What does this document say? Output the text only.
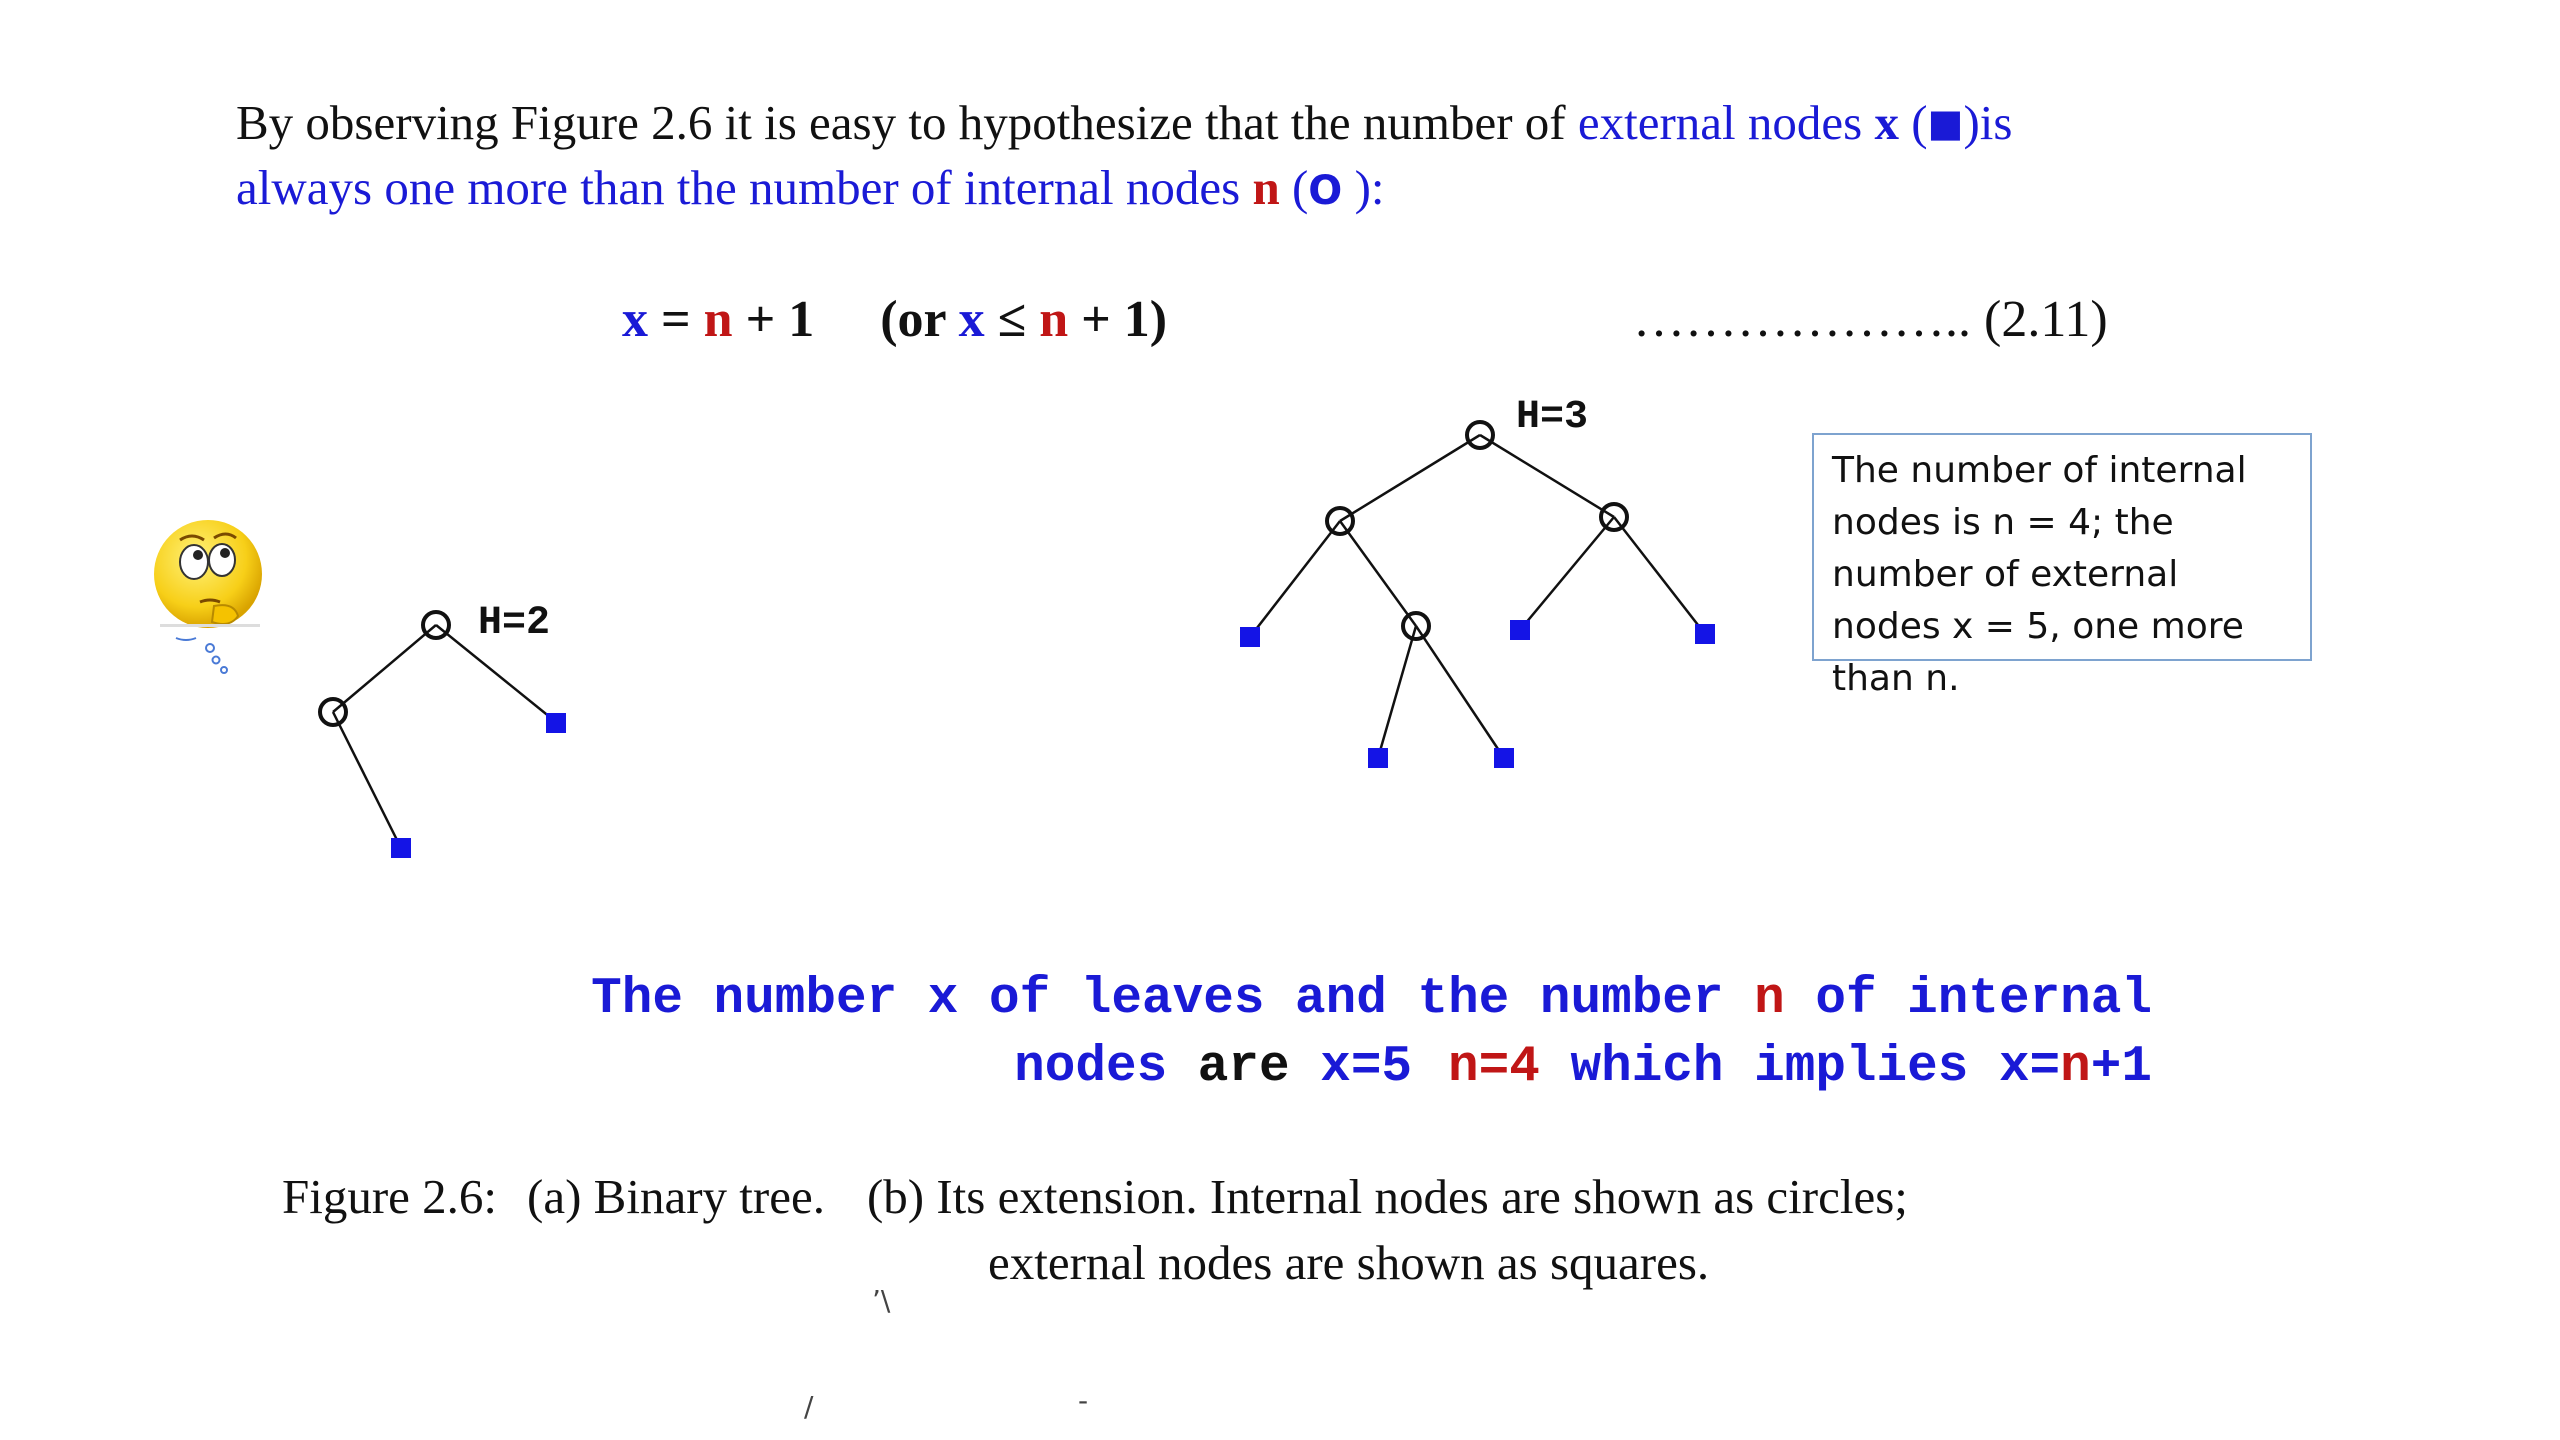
By observing Figure 2.6 it is easy to hypothesize that the number of external nodes x (■)is
always one more than the number of internal nodes n (O ):
x = n + 1 (or x ≤ n + 1)	……………….. (2.11)
H=2
H=3
The number of internal nodes is n = 4; the number of external nodes x = 5, one more than n.
The number x of leaves and the number n of internal
nodes are x=5 n=4 which implies x=n+1
Figure 2.6: (a) Binary tree. (b) Its extension. Internal nodes are shown as circles;
external nodes are shown as squares.
’\
/	-
